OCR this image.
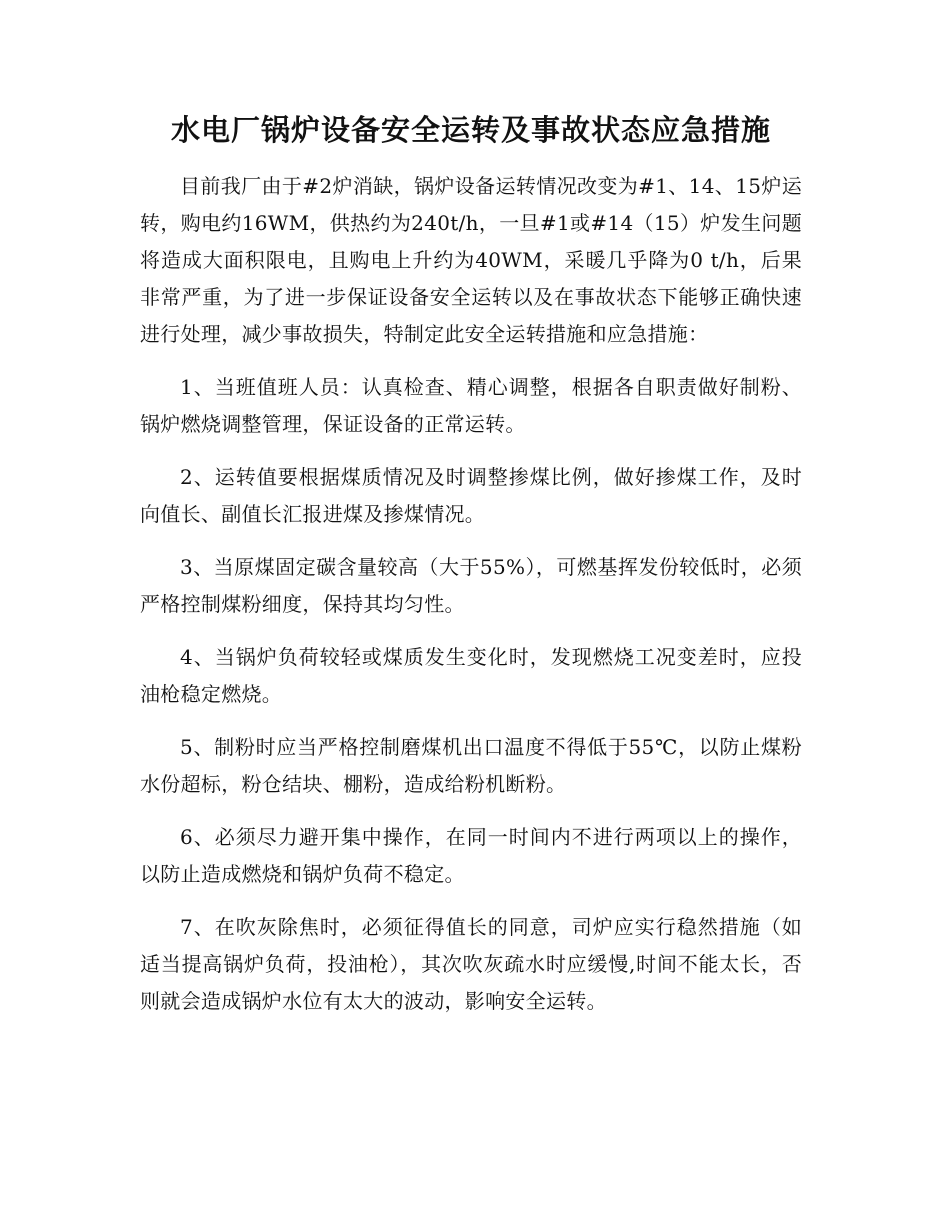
水电厂锅炉设备安全运转及事故状态应急措施

目前我厂由于#2炉消缺，锅炉设备运转情况改变为#1、14、15炉运转，购电约16WM，供热约为240t/h，一旦#1或#14（15）炉发生问题将造成大面积限电，且购电上升约为40WM，采暖几乎降为0 t/h，后果非常严重，为了进一步保证设备安全运转以及在事故状态下能够正确快速进行处理，减少事故损失，特制定此安全运转措施和应急措施：

1、当班值班人员：认真检查、精心调整，根据各自职责做好制粉、锅炉燃烧调整管理，保证设备的正常运转。

2、运转值要根据煤质情况及时调整掺煤比例，做好掺煤工作，及时向值长、副值长汇报进煤及掺煤情况。

3、当原煤固定碳含量较高（大于55%），可燃基挥发份较低时，必须严格控制煤粉细度，保持其均匀性。

4、当锅炉负荷较轻或煤质发生变化时，发现燃烧工况变差时，应投油枪稳定燃烧。

5、制粉时应当严格控制磨煤机出口温度不得低于55℃，以防止煤粉水份超标，粉仓结块、棚粉，造成给粉机断粉。

6、必须尽力避开集中操作，在同一时间内不进行两项以上的操作，以防止造成燃烧和锅炉负荷不稳定。

7、在吹灰除焦时，必须征得值长的同意，司炉应实行稳然措施（如适当提高锅炉负荷，投油枪），其次吹灰疏水时应缓慢,时间不能太长，否则就会造成锅炉水位有太大的波动，影响安全运转。
